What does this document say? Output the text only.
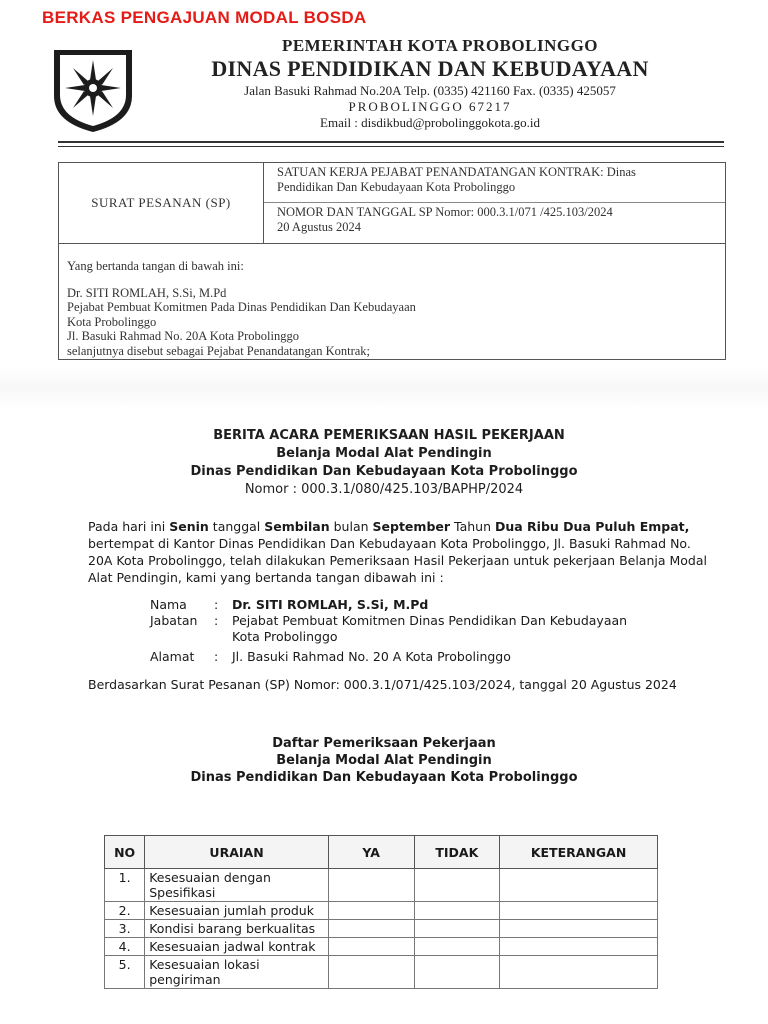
BERKAS PENGAJUAN MODAL BOSDA
PEMERINTAH KOTA PROBOLINGGO
DINAS PENDIDIKAN DAN KEBUDAYAAN
Jalan Basuki Rahmad No.20A Telp. (0335) 421160 Fax. (0335) 425057
PROBOLINGGO 67217
Email : disdikbud@probolinggokota.go.id
SURAT PESANAN (SP)
SATUAN KERJA PEJABAT PENANDATANGAN KONTRAK: Dinas
Pendidikan Dan Kebudayaan Kota Probolinggo
NOMOR DAN TANGGAL SP Nomor: 000.3.1/071 /425.103/2024
20 Agustus 2024
Yang bertanda tangan di bawah ini:
Dr. SITI ROMLAH, S.Si, M.Pd
Pejabat Pembuat Komitmen Pada Dinas Pendidikan Dan Kebudayaan
Kota Probolinggo
Jl. Basuki Rahmad No. 20A Kota Probolinggo
selanjutnya disebut sebagai Pejabat Penandatangan Kontrak;
BERITA ACARA PEMERIKSAAN HASIL PEKERJAAN
Belanja Modal Alat Pendingin
Dinas Pendidikan Dan Kebudayaan Kota Probolinggo
Nomor : 000.3.1/080/425.103/BAPHP/2024
Pada hari ini Senin tanggal Sembilan bulan September Tahun Dua Ribu Dua Puluh Empat, bertempat di Kantor Dinas Pendidikan Dan Kebudayaan Kota Probolinggo, Jl. Basuki Rahmad No. 20A Kota Probolinggo, telah dilakukan Pemeriksaan Hasil Pekerjaan untuk pekerjaan Belanja Modal Alat Pendingin, kami yang bertanda tangan dibawah ini :
Nama	:	Dr. SITI ROMLAH, S.Si, M.Pd
Jabatan	:	Pejabat Pembuat Komitmen Dinas Pendidikan Dan Kebudayaan
Kota Probolinggo
Alamat	:	Jl. Basuki Rahmad No. 20 A Kota Probolinggo
Berdasarkan Surat Pesanan (SP) Nomor: 000.3.1/071/425.103/2024, tanggal 20 Agustus 2024
Daftar Pemeriksaan Pekerjaan
Belanja Modal Alat Pendingin
Dinas Pendidikan Dan Kebudayaan Kota Probolinggo
NO	URAIAN	YA	TIDAK	KETERANGAN
1.	Kesesuaian dengan Spesifikasi			
2.	Kesesuaian jumlah produk			
3.	Kondisi barang berkualitas			
4.	Kesesuaian jadwal kontrak			
5.	Kesesuaian lokasi pengiriman			
